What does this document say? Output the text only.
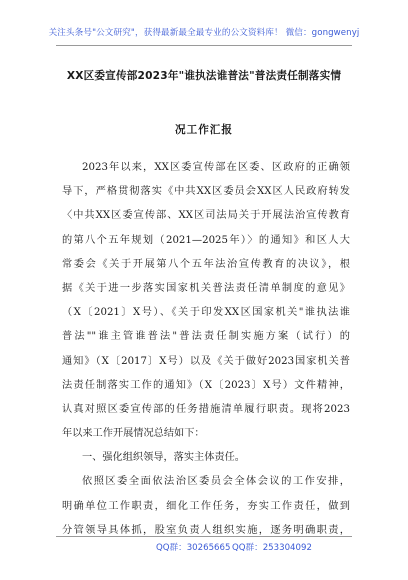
关注头条号"公文研究"，获得最新最全最专业的公文资料库！ 微信：gongwenyj
XX区委宣传部2023年"谁执法谁普法"普法责任制落实情
况工作汇报
2023年以来，XX区委宣传部在区委、区政府的正确领
导下，严格贯彻落实《中共XX区委员会XX区人民政府转发
〈中共XX区委宣传部、XX区司法局关于开展法治宣传教育
的第八个五年规划（2021—2025年）〉的通知》和区人大
常委会《关于开展第八个五年法治宣传教育的决议》，根
据《关于进一步落实国家机关普法责任清单制度的意见》
（X〔2021〕X号）、《关于印发XX区国家机关"谁执法谁
普法""谁主管谁普法"普法责任制实施方案（试行）的
通知》（X〔2017〕X号）以及《关于做好2023国家机关普
法责任制落实工作的通知》（X〔2023〕X号）文件精神，
认真对照区委宣传部的任务措施清单履行职责。现将2023
年以来工作开展情况总结如下：
一、强化组织领导，落实主体责任。
依照区委全面依法治区委员会全体会议的工作安排，
明确单位工作职责，细化工作任务，夯实工作责任，做到
分管领导具体抓，股室负责人组织实施，逐务明确职责，
QQ群：30265665 QQ群：253304092
